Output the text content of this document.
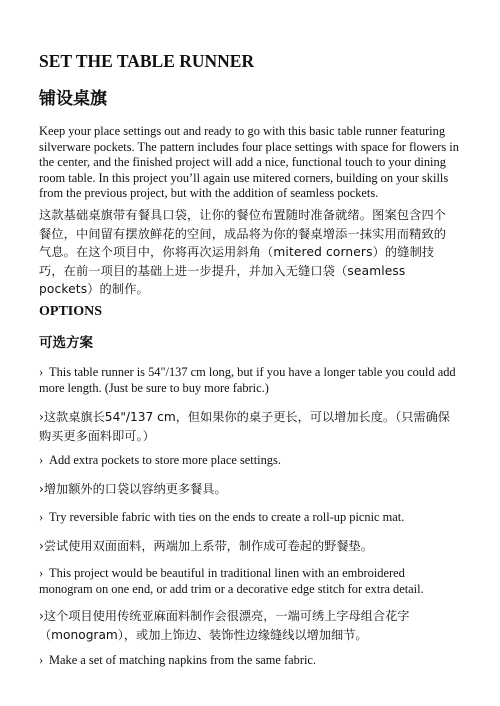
SET THE TABLE RUNNER
铺设桌旗

Keep your place settings out and ready to go with this basic table runner featuring silverware pockets. The pattern includes four place settings with space for flowers in the center, and the finished project will add a nice, functional touch to your dining room table. In this project you’ll again use mitered corners, building on your skills from the previous project, but with the addition of seamless pockets.

这款基础桌旗带有餐具口袋，让你的餐位布置随时准备就绪。图案包含四个餐位，中间留有摆放鲜花的空间，成品将为你的餐桌增添一抹实用而精致的气息。在这个项目中，你将再次运用斜角（mitered corners）的缝制技巧，在前一项目的基础上进一步提升，并加入无缝口袋（seamless pockets）的制作。

OPTIONS
可选方案

› This table runner is 54"/137 cm long, but if you have a longer table you could add more length. (Just be sure to buy more fabric.)

›这款桌旗长54"/137 cm，但如果你的桌子更长，可以增加长度。（只需确保购买更多面料即可。）

› Add extra pockets to store more place settings.

›增加额外的口袋以容纳更多餐具。

› Try reversible fabric with ties on the ends to create a roll-up picnic mat.

›尝试使用双面面料，两端加上系带，制作成可卷起的野餐垫。

› This project would be beautiful in traditional linen with an embroidered monogram on one end, or add trim or a decorative edge stitch for extra detail.

›这个项目使用传统亚麻面料制作会很漂亮，一端可绣上字母组合花字（monogram），或加上饰边、装饰性边缘缝线以增加细节。

› Make a set of matching napkins from the same fabric.
